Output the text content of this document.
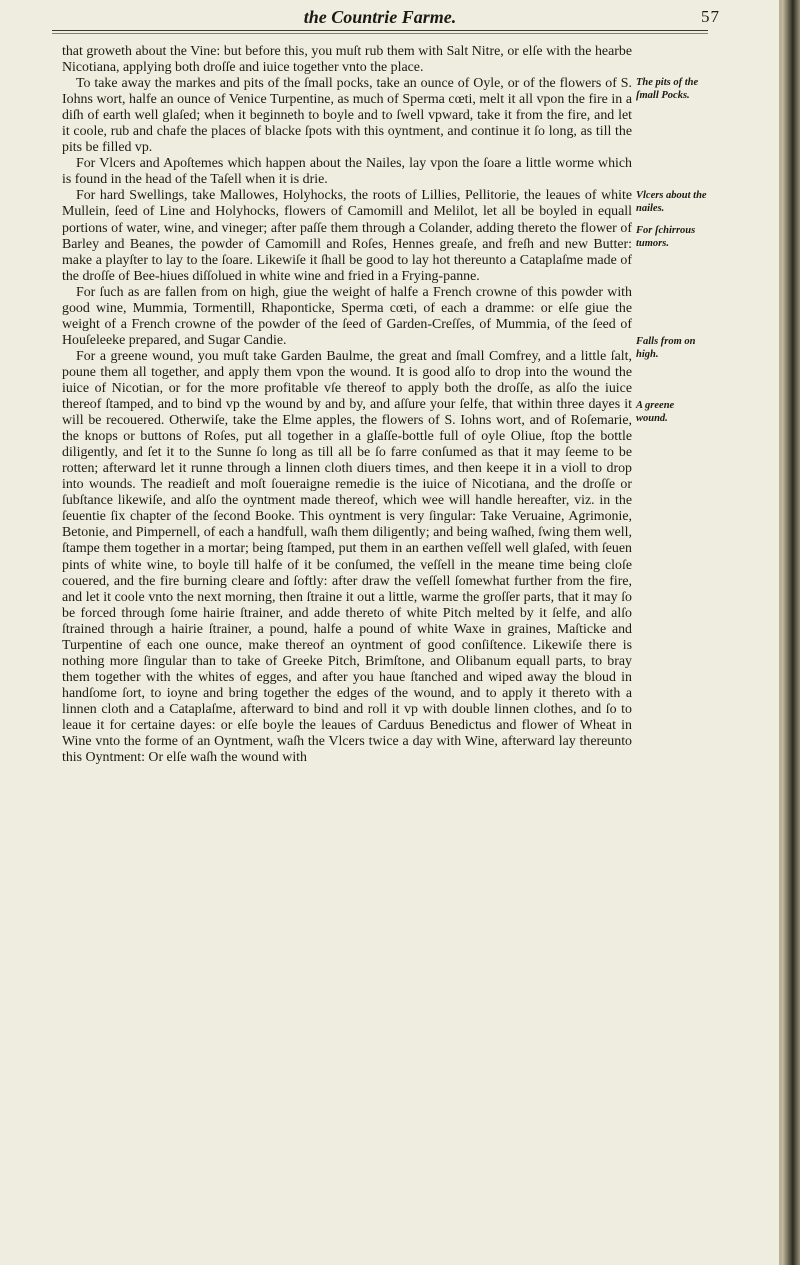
the Countrie Farme.	57

that groweth about the Vine: but before this, you muſt rub them with Salt Nitre, or elſe with the hearbe Nicotiana, applying both droſſe and iuice together vnto the place.

To take away the markes and pits of the ſmall pocks, take an ounce of Oyle, or of the flowers of S. Iohns wort, halfe an ounce of Venice Turpentine, as much of Sperma cœti, melt it all vpon the fire in a diſh of earth well glaſed; when it beginneth to boyle and to ſwell vpward, take it from the fire, and let it coole, rub and chafe the places of blacke ſpots with this oyntment, and continue it ſo long, as till the pits be filled vp.

For Vlcers and Apoſtemes which happen about the Nailes, lay vpon the ſoare a little worme which is found in the head of the Taſell when it is drie.

For hard Swellings, take Mallowes, Holyhocks, the roots of Lillies, Pellitorie, the leaues of white Mullein, ſeed of Line and Holyhocks, flowers of Camomill and Melilot, let all be boyled in equall portions of water, wine, and vineger; after paſſe them through a Colander, adding thereto the flower of Barley and Beanes, the powder of Camomill and Roſes, Hennes greaſe, and freſh and new Butter: make a playſter to lay to the ſoare. Likewiſe it ſhall be good to lay hot thereunto a Cataplaſme made of the droſſe of Bee-hiues diſſolued in white wine and fried in a Frying-panne.

For ſuch as are fallen from on high, giue the weight of halfe a French crowne of this powder with good wine, Mummia, Tormentill, Rhaponticke, Sperma cœti, of each a dramme: or elſe giue the weight of a French crowne of the powder of the ſeed of Garden-Creſſes, of Mummia, of the ſeed of Houſeleeke prepared, and Sugar Candie.

For a greene wound, you muſt take Garden Baulme, the great and ſmall Comfrey, and a little ſalt, poune them all together, and apply them vpon the wound. It is good alſo to drop into the wound the iuice of Nicotian, or for the more profitable vſe thereof to apply both the droſſe, as alſo the iuice thereof ſtamped, and to bind vp the wound by and by, and aſſure your ſelfe, that within three dayes it will be recouered. Otherwiſe, take the Elme apples, the flowers of S. Iohns wort, and of Roſemarie, the knops or buttons of Roſes, put all together in a glaſſe-bottle full of oyle Oliue, ſtop the bottle diligently, and ſet it to the Sunne ſo long as till all be ſo farre conſumed as that it may ſeeme to be rotten; afterward let it runne through a linnen cloth diuers times, and then keepe it in a violl to drop into wounds. The readieſt and moſt ſoueraigne remedie is the iuice of Nicotiana, and the droſſe or ſubſtance likewiſe, and alſo the oyntment made thereof, which wee will handle hereafter, viz. in the ſeuentie ſix chapter of the ſecond Booke. This oyntment is very ſingular: Take Veruaine, Agrimonie, Betonie, and Pimpernell, of each a handfull, waſh them diligently; and being waſhed, ſwing them well, ſtampe them together in a mortar; being ſtamped, put them in an earthen veſſell well glaſed, with ſeuen pints of white wine, to boyle till halfe of it be conſumed, the veſſell in the meane time being cloſe couered, and the fire burning cleare and ſoftly: after draw the veſſell ſomewhat further from the fire, and let it coole vnto the next morning, then ſtraine it out a little, warme the groſſer parts, that it may ſo be forced through ſome hairie ſtrainer, and adde thereto of white Pitch melted by it ſelfe, and alſo ſtrained through a hairie ſtrainer, a pound, halfe a pound of white Waxe in graines, Maſticke and Turpentine of each one ounce, make thereof an oyntment of good conſiſtence. Likewiſe there is nothing more ſingular than to take of Greeke Pitch, Brimſtone, and Olibanum equall parts, to bray them together with the whites of egges, and after you haue ſtanched and wiped away the bloud in handſome ſort, to ioyne and bring together the edges of the wound, and to apply it thereto with a linnen cloth and a Cataplaſme, afterward to bind and roll it vp with double linnen clothes, and ſo to leaue it for certaine dayes: or elſe boyle the leaues of Carduus Benedictus and flower of Wheat in Wine vnto the forme of an Oyntment, waſh the Vlcers twice a day with Wine, afterward lay thereunto this Oyntment: Or elſe waſh the wound with

The pits of the ſmall Pocks.
Vlcers about the nailes.
For ſchirrous tumors.
Falls from on high.
A greene wound.
